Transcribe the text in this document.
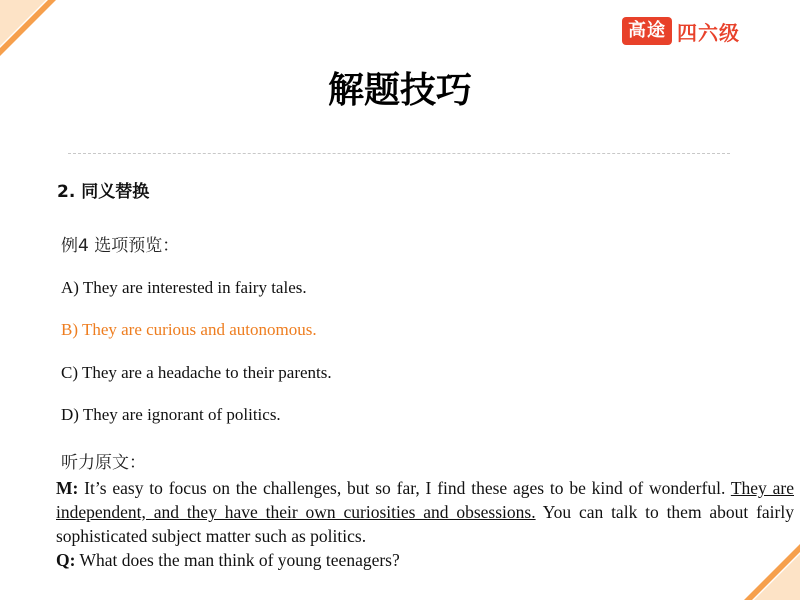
高途 四六级
解题技巧
2. 同义替换
例4 选项预览：
A) They are interested in fairy tales.
B) They are curious and autonomous.
C) They are a headache to their parents.
D) They are ignorant of politics.
听力原文：

M: It’s easy to focus on the challenges, but so far, I find these ages to be kind of wonderful. They are independent, and they have their own curiosities and obsessions. You can talk to them about fairly sophisticated subject matter such as politics.

Q: What does the man think of young teenagers?
